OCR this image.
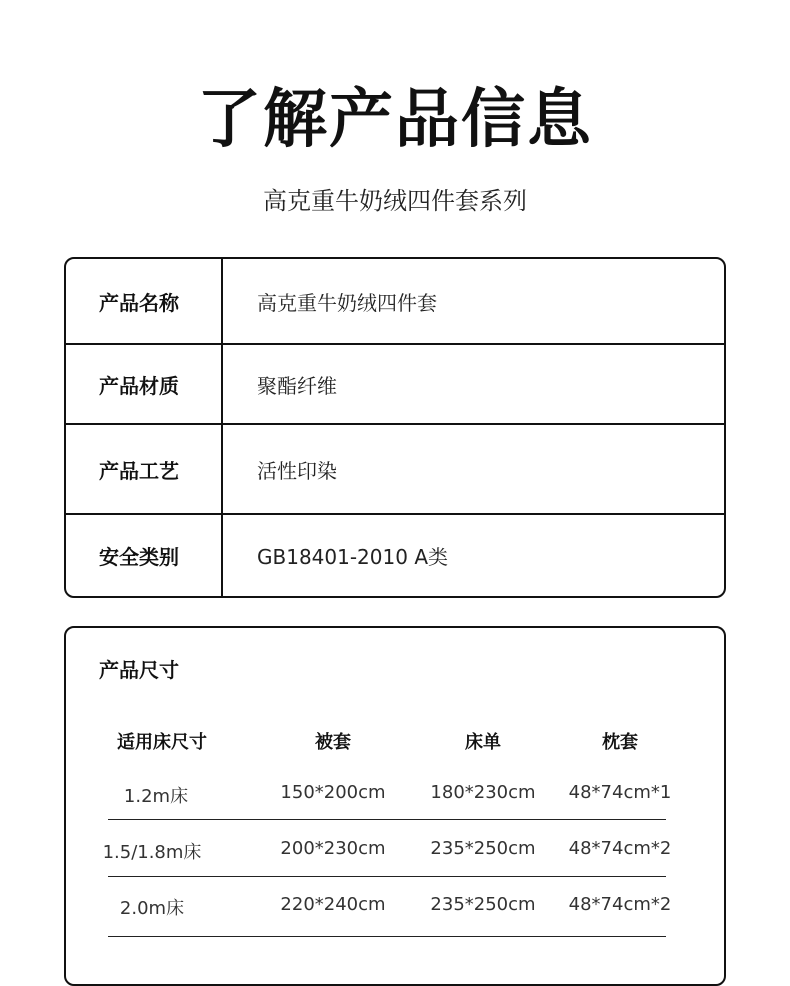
了解产品信息
高克重牛奶绒四件套系列
产品名称	高克重牛奶绒四件套
产品材质	聚酯纤维
产品工艺	活性印染
安全类别	GB18401-2010 A类
产品尺寸
适用床尺寸	被套	床单	枕套
1.2m床	150*200cm	180*230cm	48*74cm*1
1.5/1.8m床	200*230cm	235*250cm	48*74cm*2
2.0m床	220*240cm	235*250cm	48*74cm*2
